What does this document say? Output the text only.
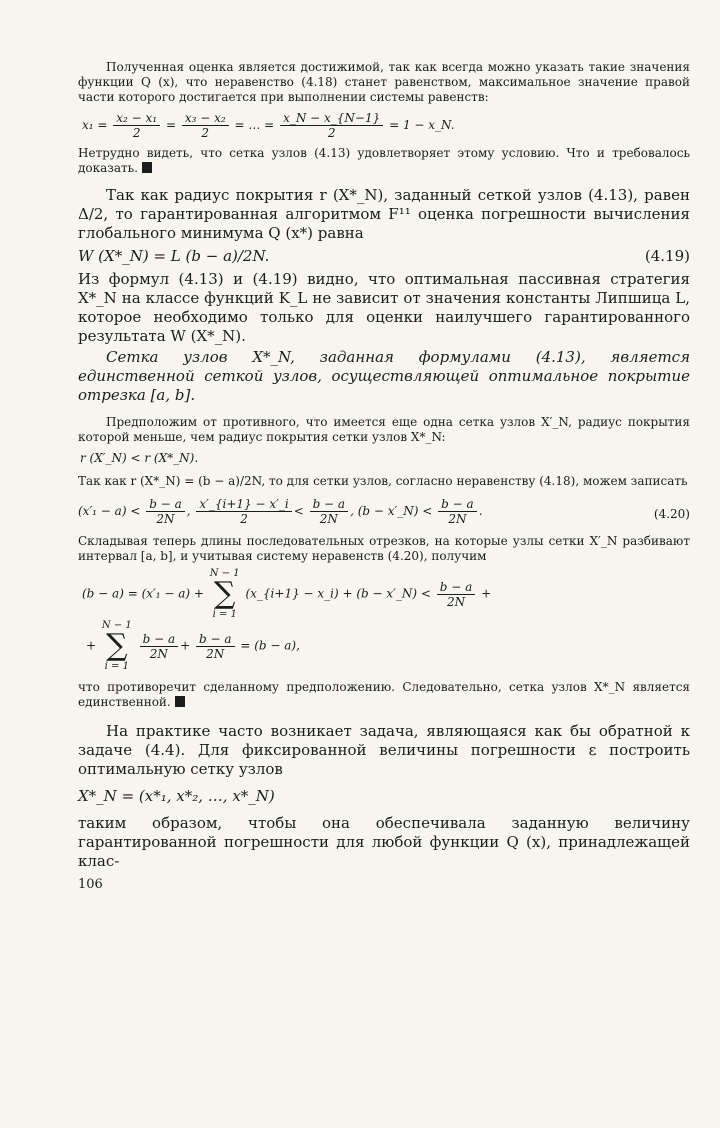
Полученная оценка является достижимой, так как всегда можно указать такие значения функции Q (x), что неравенство (4.18) станет равенством, максимальное значение правой части которого достигается при выполнении системы равенств:

$x_1 = \frac{\text{x₂ − x₁}}{2} = \frac{\text{x₃ − x₂}}{2}$ = … = $\frac{x\_N - x\_\{N-1\}}{2} = 1$ − x_N.

Нетрудно видеть, что сетка узлов (4.13) удовлетворяет этому условию. Что и требовалось доказать.

Так как радиус покрытия r (X*_N), заданный сеткой узлов (4.13), равен Δ/2, то гарантированная алгоритмом F¹¹ оценка погрешности вычисления глобального минимума Q (x*) равна

W (X*_N) = L (b − a)/2N.	(4.19)

Из формул (4.13) и (4.19) видно, что оптимальная пассивная стратегия X*_N на классе функций K_L не зависит от значения константы Липшица L, которое необходимо только для оценки наилучшего гарантированного результата W (X*_N).

Сетка узлов X*_N, заданная формулами (4.13), является единственной сеткой узлов, осуществляющей оптимальное покрытие отрезка [a, b].

Предположим от противного, что имеется еще одна сетка узлов X′_N, радиус покрытия которой меньше, чем радиус покрытия сетки узлов X*_N:

r (X′_N) < r (X*_N).

Так как r (X*_N) = (b − a)/2N, то для сетки узлов, согласно неравенству (4.18), можем записать

$(x'_1 - a) < \frac{b - a}{2N}$ , $\frac{x'\_\{i+1\} - x'\_i}{2} < \frac{b - a}{2N}$ , (b − x′_N) < $\frac{b - a}{2N}$ .	(4.20)

Складывая теперь длины последовательных отрезков, на которые узлы сетки X′_N разбивают интервал [a, b], и учитывая систему неравенств (4.20), получим

(b − a) = (x′₁ − a) +
N − 1
∑
i = 1
(x_{i+1} − x_i) + (b − x′_N) < $\frac{b - a}{2N}$ +
+
N − 1
∑
i = 1

$\frac{b - a}{2N} + \frac{b - a}{2N} = (b - a)$,

что противоречит сделанному предположению. Следовательно, сетка узлов X*_N является единственной.

На практике часто возникает задача, являющаяся как бы обратной к задаче (4.4). Для фиксированной величины погрешности ε построить оптимальную сетку узлов

X*_N = (x*₁, x*₂, …, x*_N)

таким образом, чтобы она обеспечивала заданную величину гарантированной погрешности для любой функции Q (x), принадлежащей клас-

106
